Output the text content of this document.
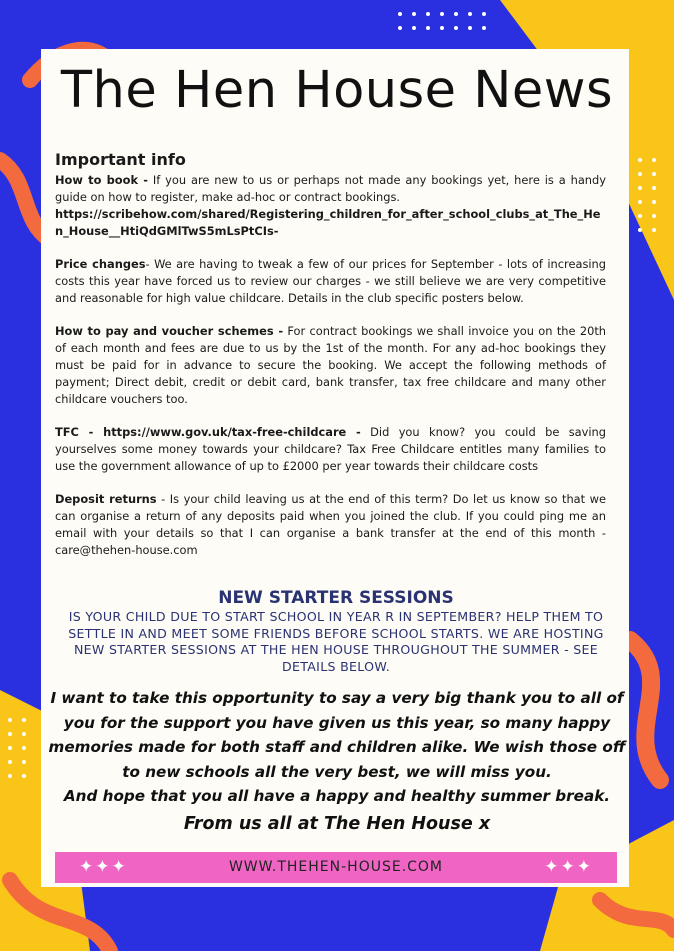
The Hen House News
Important info

How to book - If you are new to us or perhaps not made any bookings yet, here is a handy guide on how to register, make ad-hoc or contract bookings.

https://scribehow.com/shared/Registering_children_for_after_school_clubs_at_The_Hen_House__HtiQdGMlTwS5mLsPtCIs-

Price changes- We are having to tweak a few of our prices for September - lots of increasing costs this year have forced us to review our charges - we still believe we are very competitive and reasonable for high value childcare. Details in the club specific posters below.

How to pay and voucher schemes - For contract bookings we shall invoice you on the 20th of each month and fees are due to us by the 1st of the month. For any ad-hoc bookings they must be paid for in advance to secure the booking. We accept the following methods of payment; Direct debit, credit or debit card, bank transfer, tax free childcare and many other childcare vouchers too.

TFC - https://www.gov.uk/tax-free-childcare - Did you know? you could be saving yourselves some money towards your childcare? Tax Free Childcare entitles many families to use the government allowance of up to £2000 per year towards their childcare costs

Deposit returns - Is your child leaving us at the end of this term? Do let us know so that we can organise a return of any deposits paid when you joined the club. If you could ping me an email with your details so that I can organise a bank transfer at the end of this month - care@thehen-house.com

NEW STARTER SESSIONS
IS YOUR CHILD DUE TO START SCHOOL IN YEAR R IN SEPTEMBER? HELP THEM TO SETTLE IN AND MEET SOME FRIENDS BEFORE SCHOOL STARTS. WE ARE HOSTING NEW STARTER SESSIONS AT THE HEN HOUSE THROUGHOUT THE SUMMER - SEE DETAILS BELOW.

I want to take this opportunity to say a very big thank you to all of you for the support you have given us this year, so many happy memories made for both staff and children alike. We wish those off to new schools all the very best, we will miss you.

And hope that you all have a happy and healthy summer break.

From us all at The Hen House x

✦✦✦	WWW.THEHEN-HOUSE.COM	✦✦✦
